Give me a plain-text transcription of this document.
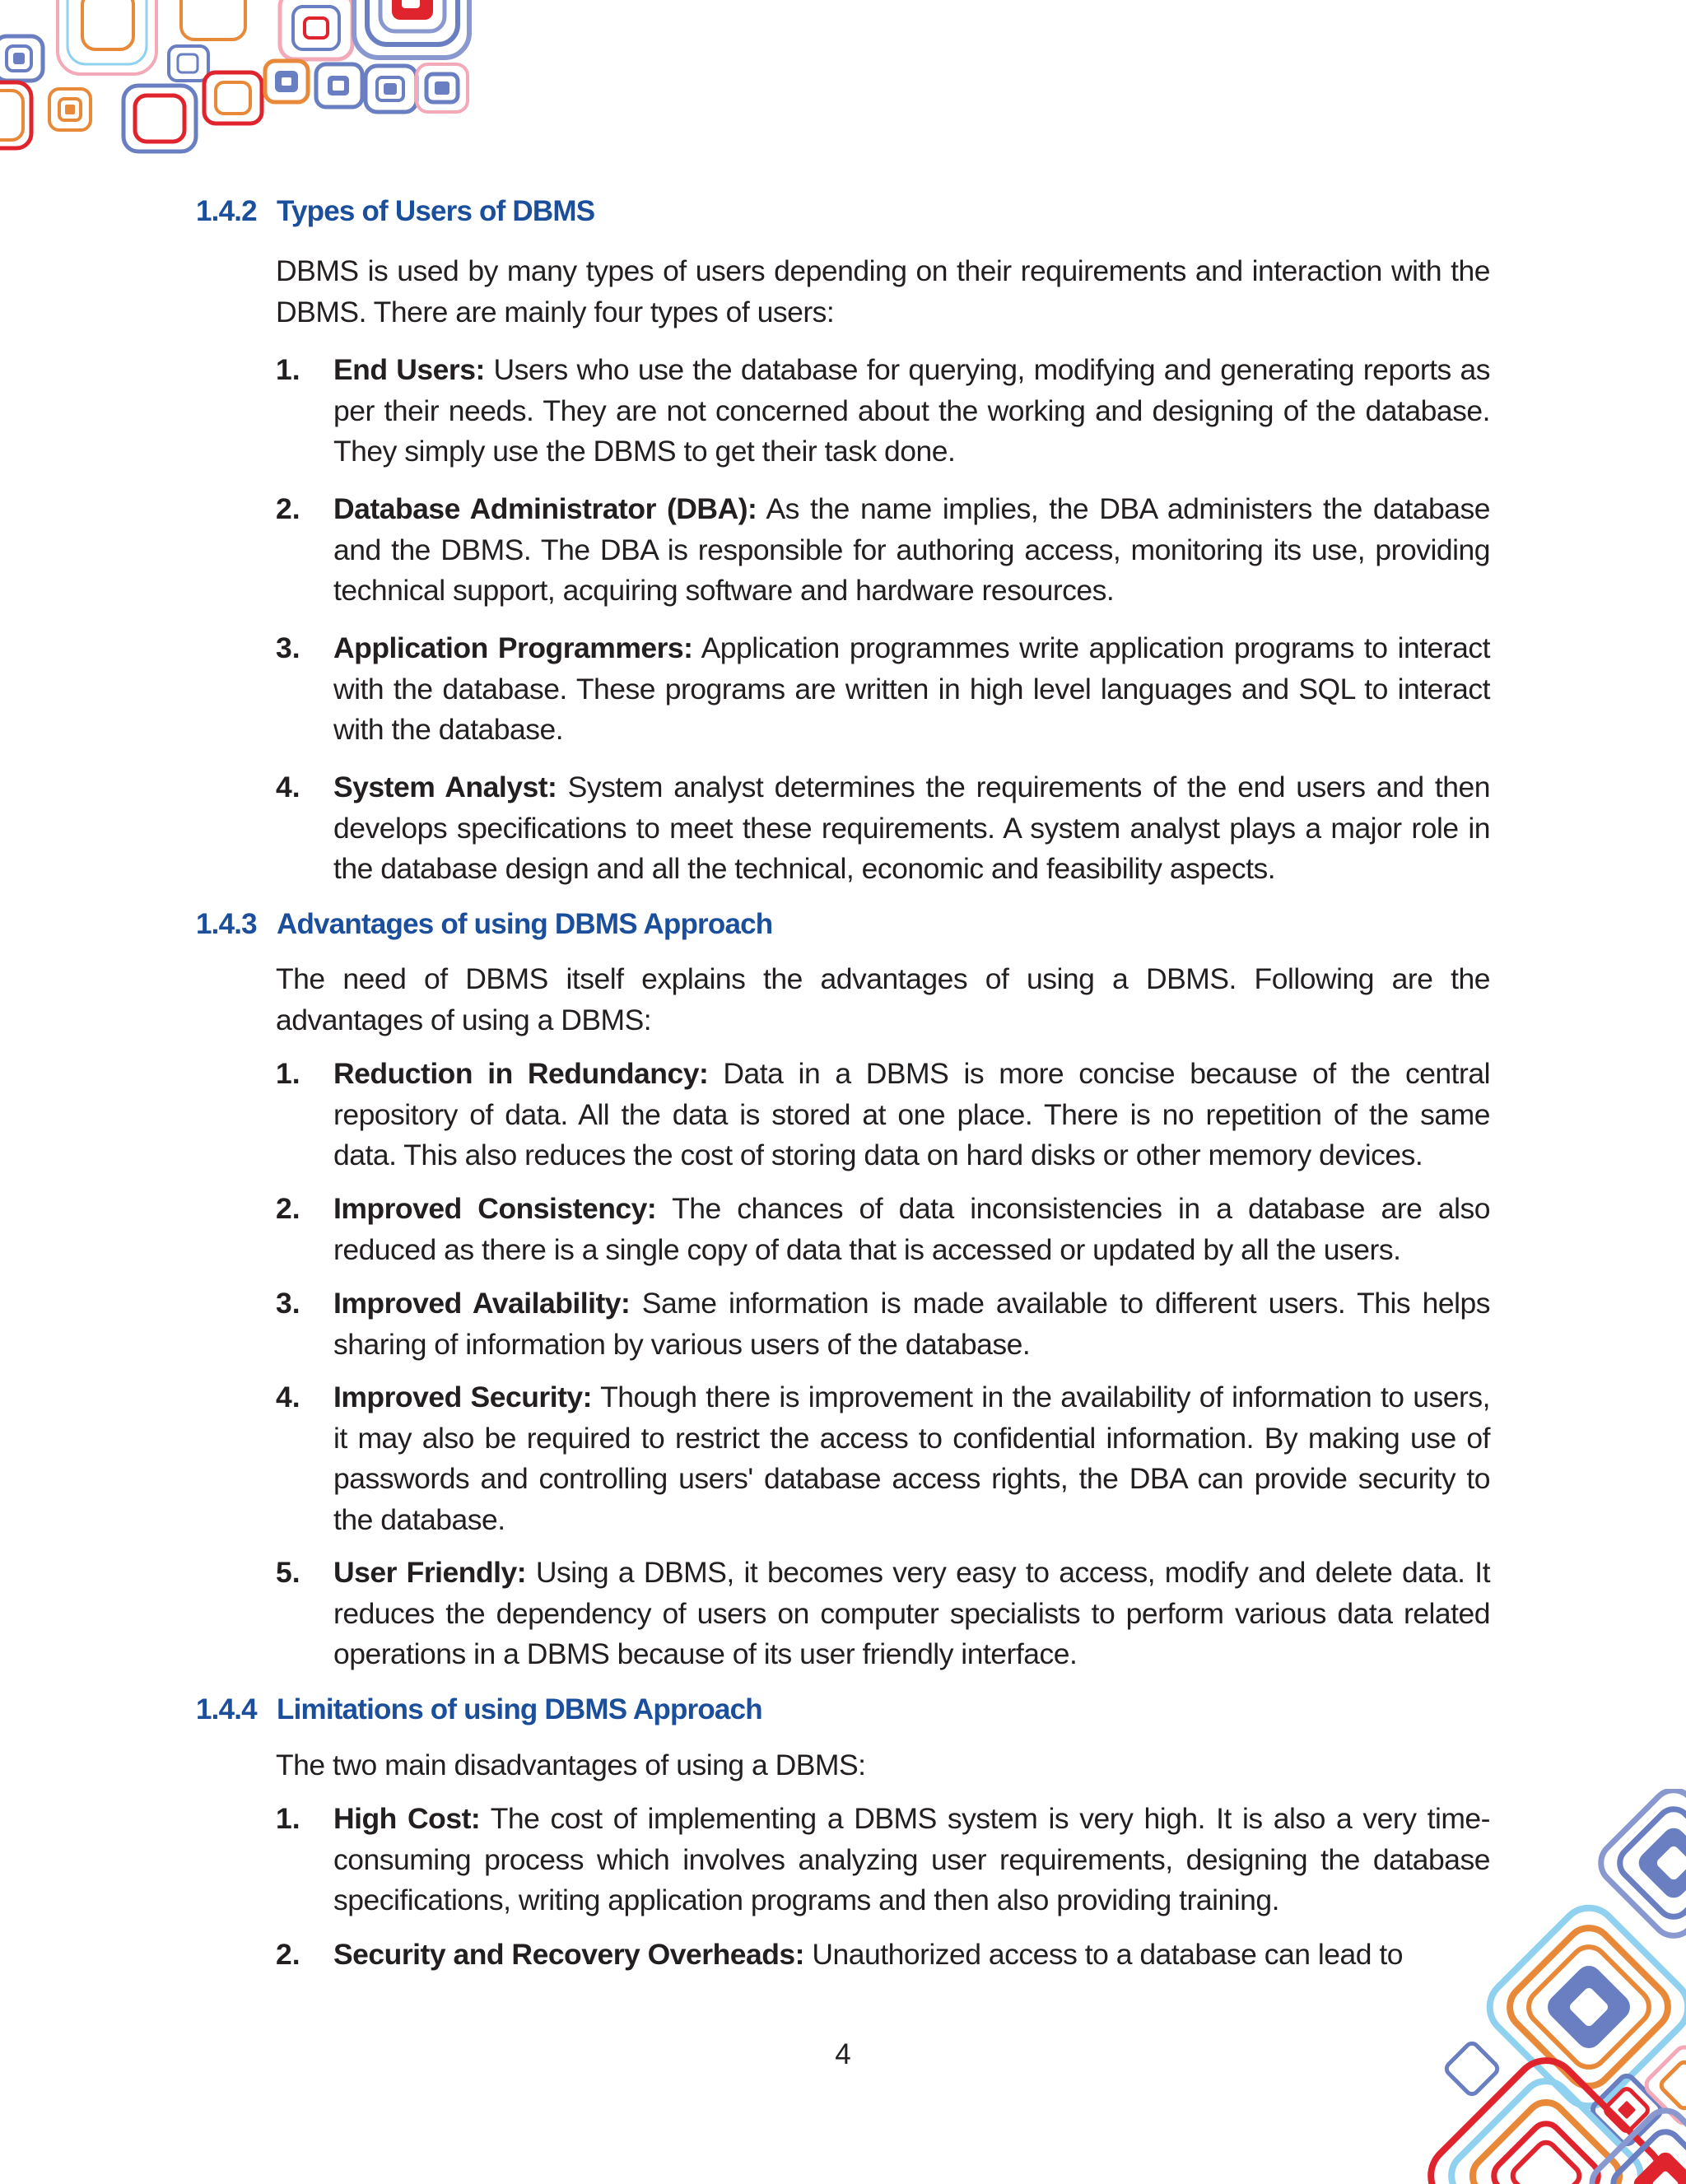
1.4.2 Types of Users of DBMS
DBMS is used by many types of users depending on their requirements and interaction with the DBMS. There are mainly four types of users:
1. End Users: Users who use the database for querying, modifying and generating reports as per their needs. They are not concerned about the working and designing of the database. They simply use the DBMS to get their task done.
2. Database Administrator (DBA): As the name implies, the DBA administers the database and the DBMS. The DBA is responsible for authoring access, monitoring its use, providing technical support, acquiring software and hardware resources.
3. Application Programmers: Application programmes write application programs to interact with the database. These programs are written in high level languages and SQL to interact with the database.
4. System Analyst: System analyst determines the requirements of the end users and then develops specifications to meet these requirements. A system analyst plays a major role in the database design and all the technical, economic and feasibility aspects.
1.4.3 Advantages of using DBMS Approach
The need of DBMS itself explains the advantages of using a DBMS. Following are the advantages of using a DBMS:
1. Reduction in Redundancy: Data in a DBMS is more concise because of the central repository of data. All the data is stored at one place. There is no repetition of the same data. This also reduces the cost of storing data on hard disks or other memory devices.
2. Improved Consistency: The chances of data inconsistencies in a database are also reduced as there is a single copy of data that is accessed or updated by all the users.
3. Improved Availability: Same information is made available to different users. This helps sharing of information by various users of the database.
4. Improved Security: Though there is improvement in the availability of information to users, it may also be required to restrict the access to confidential information. By making use of passwords and controlling users' database access rights, the DBA can provide security to the database.
5. User Friendly: Using a DBMS, it becomes very easy to access, modify and delete data. It reduces the dependency of users on computer specialists to perform various data related operations in a DBMS because of its user friendly interface.
1.4.4 Limitations of using DBMS Approach
The two main disadvantages of using a DBMS:
1. High Cost: The cost of implementing a DBMS system is very high. It is also a very time-consuming process which involves analyzing user requirements, designing the database specifications, writing application programs and then also providing training.
2. Security and Recovery Overheads: Unauthorized access to a database can lead to
4
